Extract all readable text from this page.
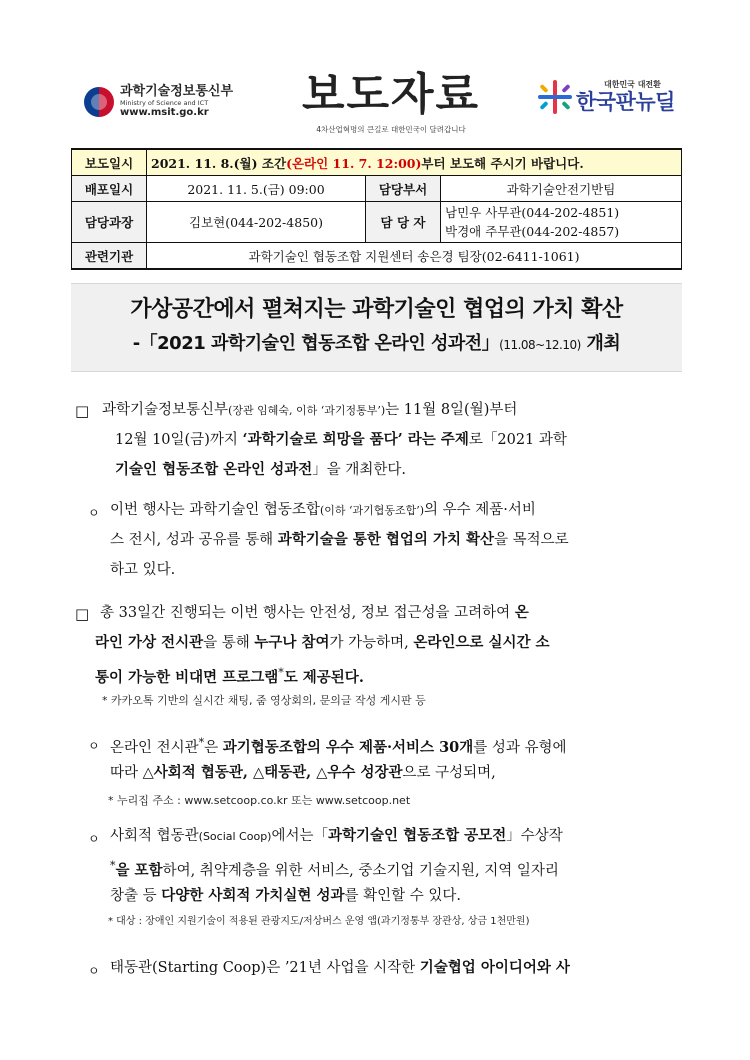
과학기술정보통신부
Ministry of Science and ICT
www.msit.go.kr	보도자료
4차산업혁명의 큰길로 대한민국이 달려갑니다
대한민국 대전환
한국판뉴딜
보도일시	2021. 11. 8.(월) 조간(온라인 11. 7. 12:00)부터 보도해 주시기 바랍니다.		
배포일시	2021. 11. 5.(금) 09:00	담당부서	과학기술안전기반팀
담당과장	김보현(044-202-4850)	담 당 자	남민우 사무관(044-202-4851)
박경애 주무관(044-202-4857)

관련기관	과학기술인 협동조합 지원센터 송은경 팀장(02-6411-1061)		
가상공간에서 펼쳐지는 과학기술인 협업의 가치 확산
-「2021 과학기술인 협동조합 온라인 성과전」(11.08~12.10) 개최
□ 과학기술정보통신부(장관 임혜숙, 이하 ‘과기정통부’)는 11월 8일(월)부터
12월 10일(금)까지 ‘과학기술로 희망을 품다’ 라는 주제로「2021 과학
기술인 협동조합 온라인 성과전」을 개최한다.
ㅇ 이번 행사는 과학기술인 협동조합(이하 ‘과기협동조합’)의 우수 제품·서비
스 전시, 성과 공유를 통해 과학기술을 통한 협업의 가치 확산을 목적으로
하고 있다.
□ 총 33일간 진행되는 이번 행사는 안전성, 정보 접근성을 고려하여 온
라인 가상 전시관을 통해 누구나 참여가 가능하며, 온라인으로 실시간 소
통이 가능한 비대면 프로그램*도 제공된다.
* 카카오톡 기반의 실시간 채팅, 줌 영상회의, 문의글 작성 게시판 등
ㅇ 온라인 전시관*은 과기협동조합의 우수 제품·서비스 30개를 성과 유형에
따라 △사회적 협동관, △태동관, △우수 성장관으로 구성되며,
* 누리집 주소 : www.setcoop.co.kr 또는 www.setcoop.net
ㅇ 사회적 협동관(Social Coop)에서는「과학기술인 협동조합 공모전」수상작
*을 포함하여, 취약계층을 위한 서비스, 중소기업 기술지원, 지역 일자리
창출 등 다양한 사회적 가치실현 성과를 확인할 수 있다.
* 대상 : 장애인 지원기술이 적용된 관광지도/저상버스 운영 앱(과기정통부 장관상, 상금 1천만원)
ㅇ 태동관(Starting Coop)은 ’21년 사업을 시작한 기술협업 아이디어와 사
